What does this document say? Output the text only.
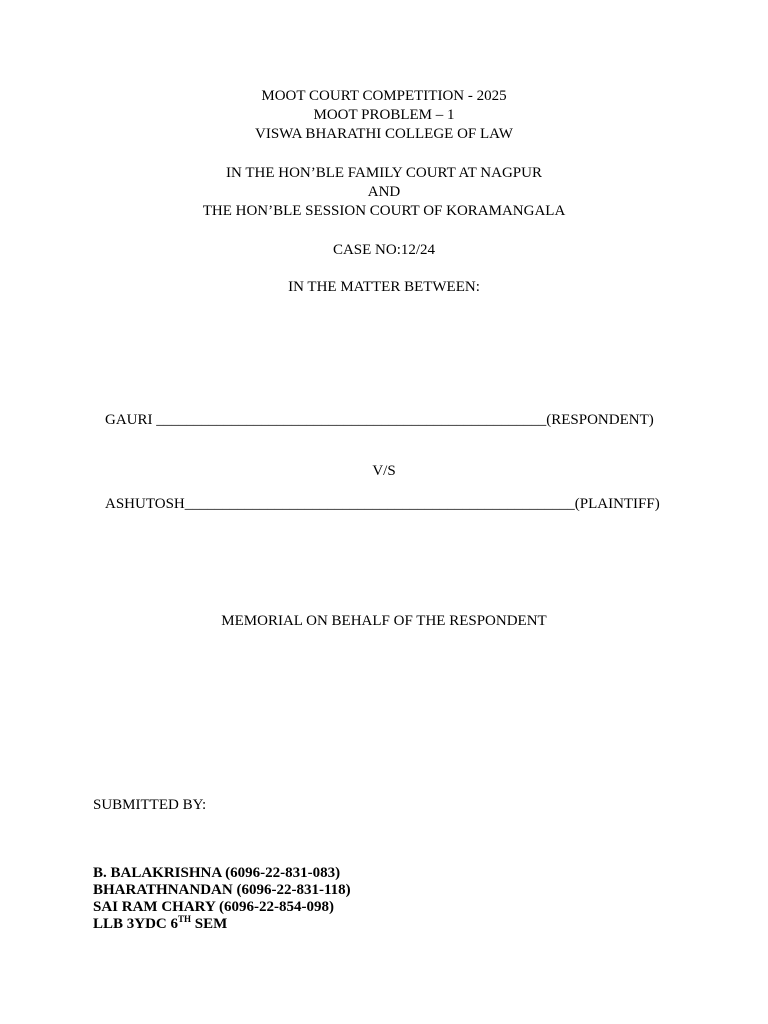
MOOT COURT COMPETITION - 2025
MOOT PROBLEM – 1
VISWA BHARATHI COLLEGE OF LAW
IN THE HON’BLE FAMILY COURT AT NAGPUR
AND
THE HON’BLE SESSION COURT OF KORAMANGALA
CASE NO:12/24
IN THE MATTER BETWEEN:
GAURI ____________________________________________________(RESPONDENT)
V/S
ASHUTOSH____________________________________________________(PLAINTIFF)
MEMORIAL ON BEHALF OF THE RESPONDENT
SUBMITTED BY:
B. BALAKRISHNA (6096-22-831-083)
BHARATHNANDAN (6096-22-831-118)
SAI RAM CHARY (6096-22-854-098)
LLB 3YDC 6TH SEM
